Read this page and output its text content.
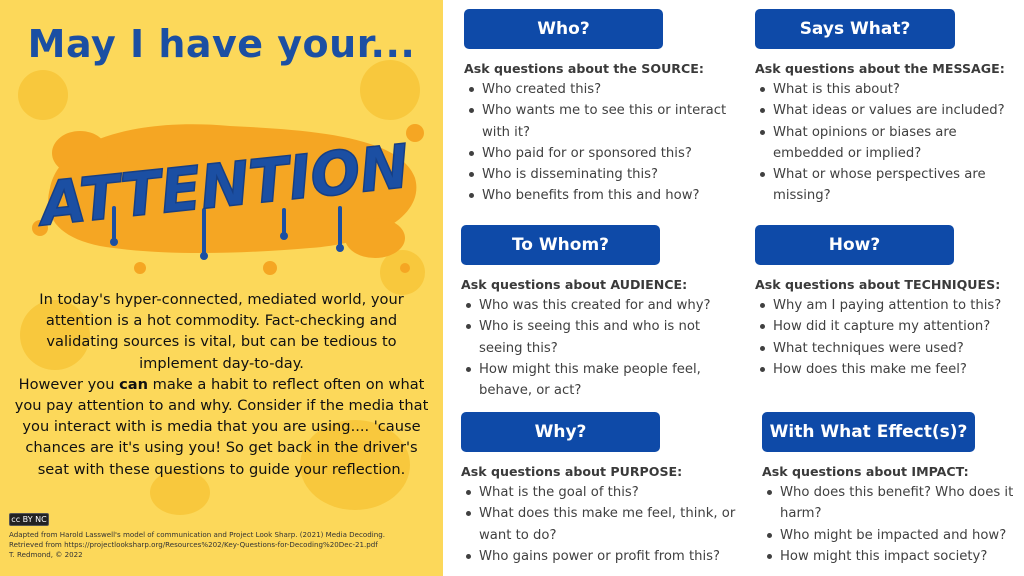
May I have your...
ATTENTION
In today's hyper-connected, mediated world, your attention is a hot commodity. Fact-checking and validating sources is vital, but can be tedious to implement day-to-day.
However you can make a habit to reflect often on what you pay attention to and why. Consider if the media that you interact with is media that you are using.... 'cause chances are it's using you! So get back in the driver's seat with these questions to guide your reflection.
cc BY NC
Adapted from Harold Lasswell's model of communication and Project Look Sharp. (2021) Media Decoding.
Retrieved from https://projectlooksharp.org/Resources%202/Key-Questions-for-Decoding%20Dec-21.pdf
T. Redmond, © 2022
Who?	Says What?
To Whom?	How?
Why?	With What Effect(s)?
Ask questions about the SOURCE:
Who created this?
Who wants me to see this or interact with it?
Who paid for or sponsored this?
Who is disseminating this?
Who benefits from this and how?
Ask questions about the MESSAGE:
What is this about?
What ideas or values are included?
What opinions or biases are embedded or implied?
What or whose perspectives are missing?
Ask questions about AUDIENCE:
Who was this created for and why?
Who is seeing this and who is not seeing this?
How might this make people feel, behave, or act?
Ask questions about TECHNIQUES:
Why am I paying attention to this?
How did it capture my attention?
What techniques were used?
How does this make me feel?
Ask questions about PURPOSE:
What is the goal of this?
What does this make me feel, think, or want to do?
Who gains power or profit from this?
Ask questions about IMPACT:
Who does this benefit? Who does it harm?
Who might be impacted and how?
How might this impact society?
